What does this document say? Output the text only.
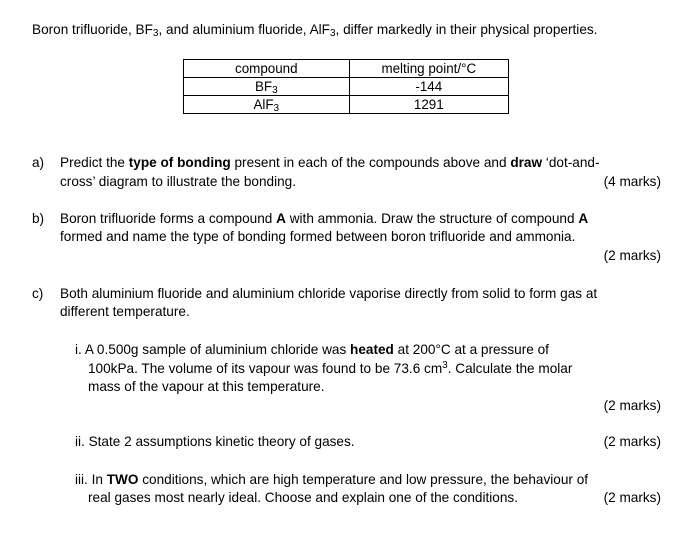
Boron trifluoride, $BF_3$, and aluminium fluoride, AlF$_3$, differ markedly in their physical properties.
compound	melting point/°C
$BF_3$	-144
AlF$_3$	1291
a) Predict the type of bonding present in each of the compounds above and draw ‘dot-and-
cross’ diagram to illustrate the bonding.	(4 marks)
b) Boron trifluoride forms a compound A with ammonia. Draw the structure of compound A
formed and name the type of bonding formed between boron trifluoride and ammonia.
(2 marks)
c) Both aluminium fluoride and aluminium chloride vaporise directly from solid to form gas at
different temperature.
i. A 0.500g sample of aluminium chloride was heated at 200°C at a pressure of
100kPa. The volume of its vapour was found to be 73.6 $cm^3$. Calculate the molar
mass of the vapour at this temperature.
(2 marks)
ii. State 2 assumptions kinetic theory of gases.	(2 marks)
iii. In TWO conditions, which are high temperature and low pressure, the behaviour of
real gases most nearly ideal. Choose and explain one of the conditions.	(2 marks)
